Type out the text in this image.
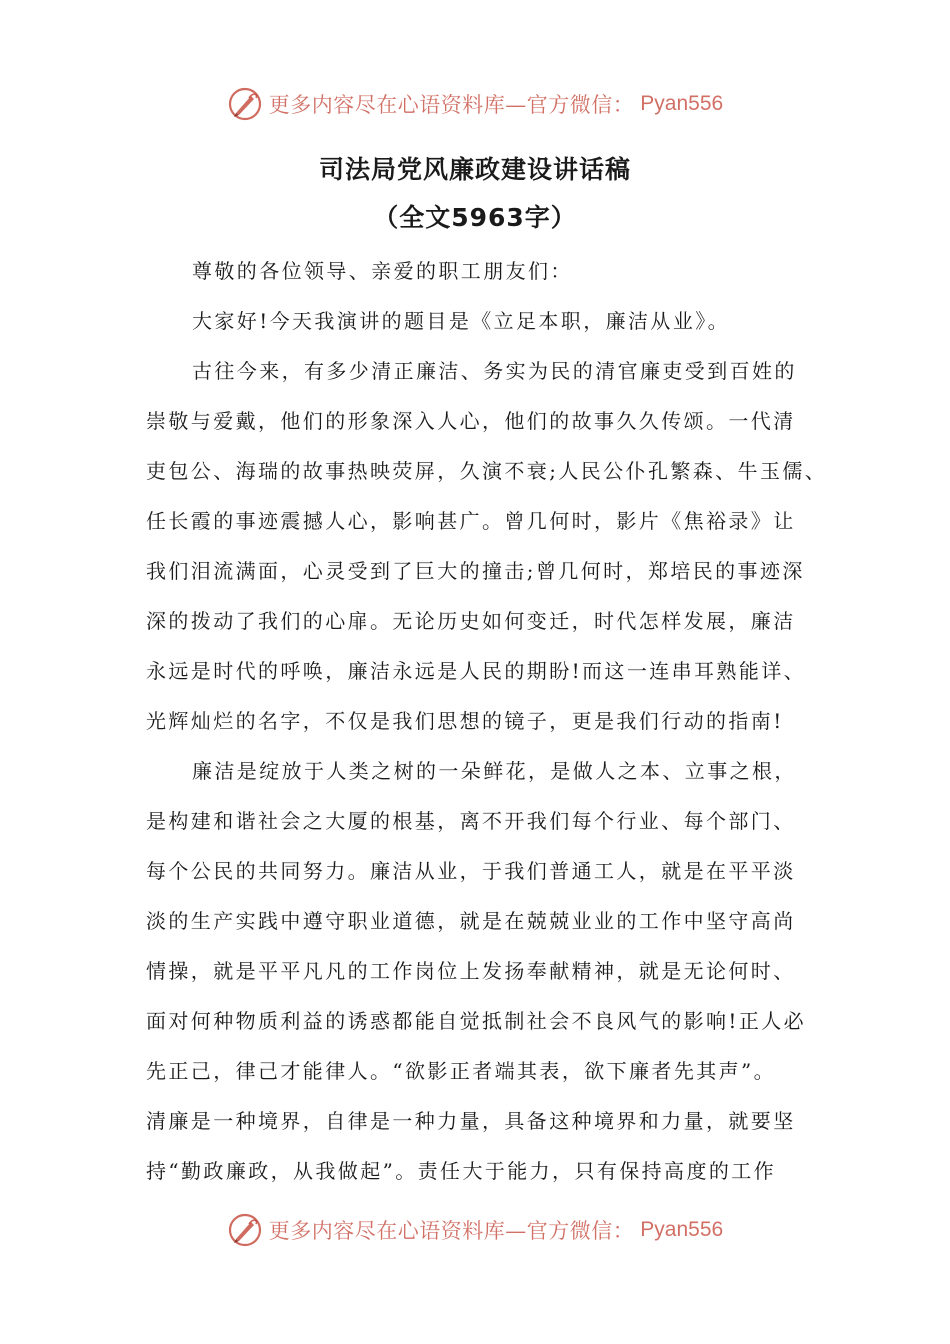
更多内容尽在心语资料库—官方微信： Pyan556
司法局党风廉政建设讲话稿
（全文5963字）
尊敬的各位领导、亲爱的职工朋友们：
大家好!今天我演讲的题目是《立足本职，廉洁从业》。
古往今来，有多少清正廉洁、务实为民的清官廉吏受到百姓的
崇敬与爱戴，他们的形象深入人心，他们的故事久久传颂。一代清
吏包公、海瑞的故事热映荧屏，久演不衰;人民公仆孔繁森、牛玉儒、
任长霞的事迹震撼人心，影响甚广。曾几何时，影片《焦裕录》让
我们泪流满面，心灵受到了巨大的撞击;曾几何时，郑培民的事迹深
深的拨动了我们的心扉。无论历史如何变迁，时代怎样发展，廉洁
永远是时代的呼唤，廉洁永远是人民的期盼!而这一连串耳熟能详、
光辉灿烂的名字，不仅是我们思想的镜子，更是我们行动的指南!
廉洁是绽放于人类之树的一朵鲜花，是做人之本、立事之根，
是构建和谐社会之大厦的根基，离不开我们每个行业、每个部门、
每个公民的共同努力。廉洁从业，于我们普通工人，就是在平平淡
淡的生产实践中遵守职业道德，就是在兢兢业业的工作中坚守高尚
情操，就是平平凡凡的工作岗位上发扬奉献精神，就是无论何时、
面对何种物质利益的诱惑都能自觉抵制社会不良风气的影响!正人必
先正己，律己才能律人。“欲影正者端其表，欲下廉者先其声”。
清廉是一种境界，自律是一种力量，具备这种境界和力量，就要坚
持“勤政廉政，从我做起”。责任大于能力，只有保持高度的工作
更多内容尽在心语资料库—官方微信： Pyan556
